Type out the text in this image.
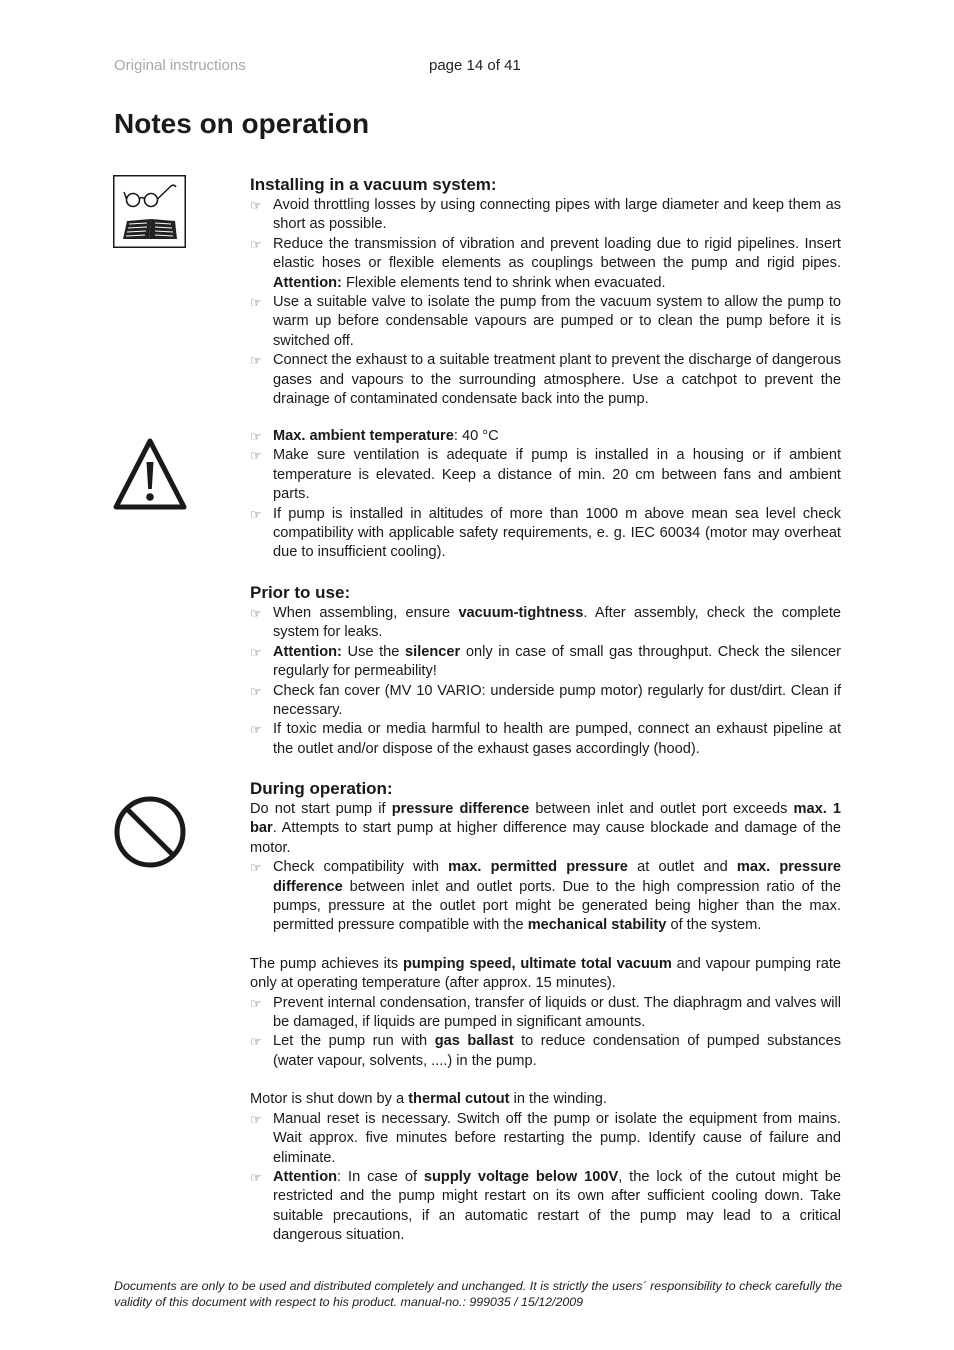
Original instructions	page 14 of 41
Notes on operation
Installing in a vacuum system:
☞ Avoid throttling losses by using connecting pipes with large diameter and keep them as short as possible.
☞ Reduce the transmission of vibration and prevent loading due to rigid pipelines. Insert elastic hoses or flexible elements as couplings between the pump and rigid pipes. Attention: Flexible elements tend to shrink when evacuated.
☞ Use a suitable valve to isolate the pump from the vacuum system to allow the pump to warm up before condensable vapours are pumped or to clean the pump before it is switched off.
☞ Connect the exhaust to a suitable treatment plant to prevent the discharge of dangerous gases and vapours to the surrounding atmosphere. Use a catchpot to prevent the drainage of contaminated condensate back into the pump.
☞ Max. ambient temperature: 40 °C
☞ Make sure ventilation is adequate if pump is installed in a housing or if ambient temperature is elevated. Keep a distance of min. 20 cm between fans and ambient parts.
☞ If pump is installed in altitudes of more than 1000 m above mean sea level check compatibility with applicable safety requirements, e. g. IEC 60034 (motor may overheat due to insufficient cooling).
Prior to use:
☞ When assembling, ensure vacuum-tightness. After assembly, check the complete system for leaks.
☞ Attention: Use the silencer only in case of small gas throughput. Check the silencer regularly for permeability!
☞ Check fan cover (MV 10 VARIO: underside pump motor) regularly for dust/dirt. Clean if necessary.
☞ If toxic media or media harmful to health are pumped, connect an exhaust pipeline at the outlet and/or dispose of the exhaust gases accordingly (hood).
During operation:

Do not start pump if pressure difference between inlet and outlet port exceeds max. 1 bar. Attempts to start pump at higher difference may cause blockade and damage of the motor.

☞ Check compatibility with max. permitted pressure at outlet and max. pressure difference between inlet and outlet ports. Due to the high compression ratio of the pumps, pressure at the outlet port might be generated being higher than the max. permitted pressure compatible with the mechanical stability of the system.

The pump achieves its pumping speed, ultimate total vacuum and vapour pumping rate only at operating temperature (after approx. 15 minutes).

☞ Prevent internal condensation, transfer of liquids or dust. The diaphragm and valves will be damaged, if liquids are pumped in significant amounts.
☞ Let the pump run with gas ballast to reduce condensation of pumped substances (water vapour, solvents, ....) in the pump.

Motor is shut down by a thermal cutout in the winding.

☞ Manual reset is necessary. Switch off the pump or isolate the equipment from mains. Wait approx. five minutes before restarting the pump. Identify cause of failure and eliminate.
☞ Attention: In case of supply voltage below 100V, the lock of the cutout might be restricted and the pump might restart on its own after sufficient cooling down. Take suitable precautions, if an automatic restart of the pump may lead to a critical dangerous situation.
Documents are only to be used and distributed completely and unchanged. It is strictly the users´ responsibility to check carefully the validity of this document with respect to his product. manual-no.: 999035 / 15/12/2009
